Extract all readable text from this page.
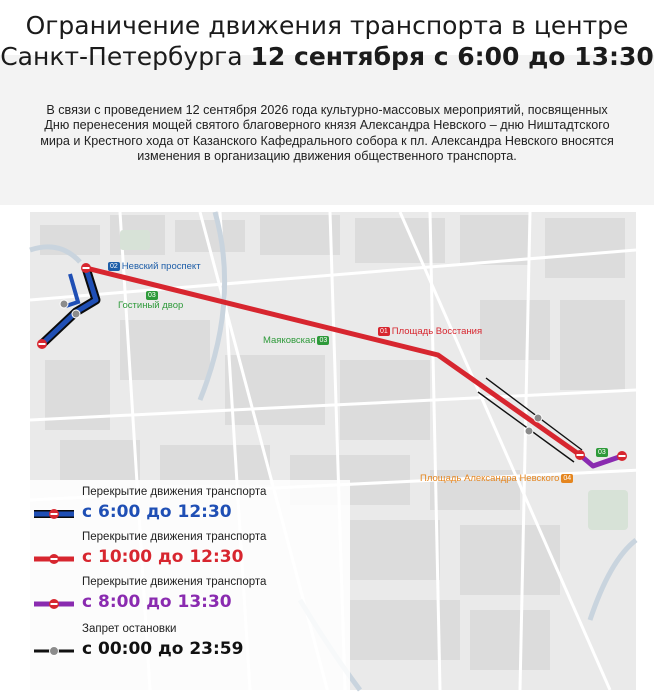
Ограничение движения транспорта в центре
Санкт-Петербурга 12 сентября с 6:00 до 13:30
В связи с проведением 12 сентября 2026 года культурно-массовых мероприятий, посвященных Дню перенесения мощей святого благоверного князя Александра Невского – дню Ништадтского мира и Крестного хода от Казанского Кафедрального собора к пл. Александра Невского вносятся изменения в организацию движения общественного транспорта.
02 Невский проспект
03
Гостиный двор
Маяковская 03
01 Площадь Восстания
03
Площадь Александра Невского 04
Перекрытие движения транспорта
с 6:00 до 12:30
Перекрытие движения транспорта
с 10:00 до 12:30
Перекрытие движения транспорта
с 8:00 до 13:30
Запрет остановки
с 00:00 до 23:59
